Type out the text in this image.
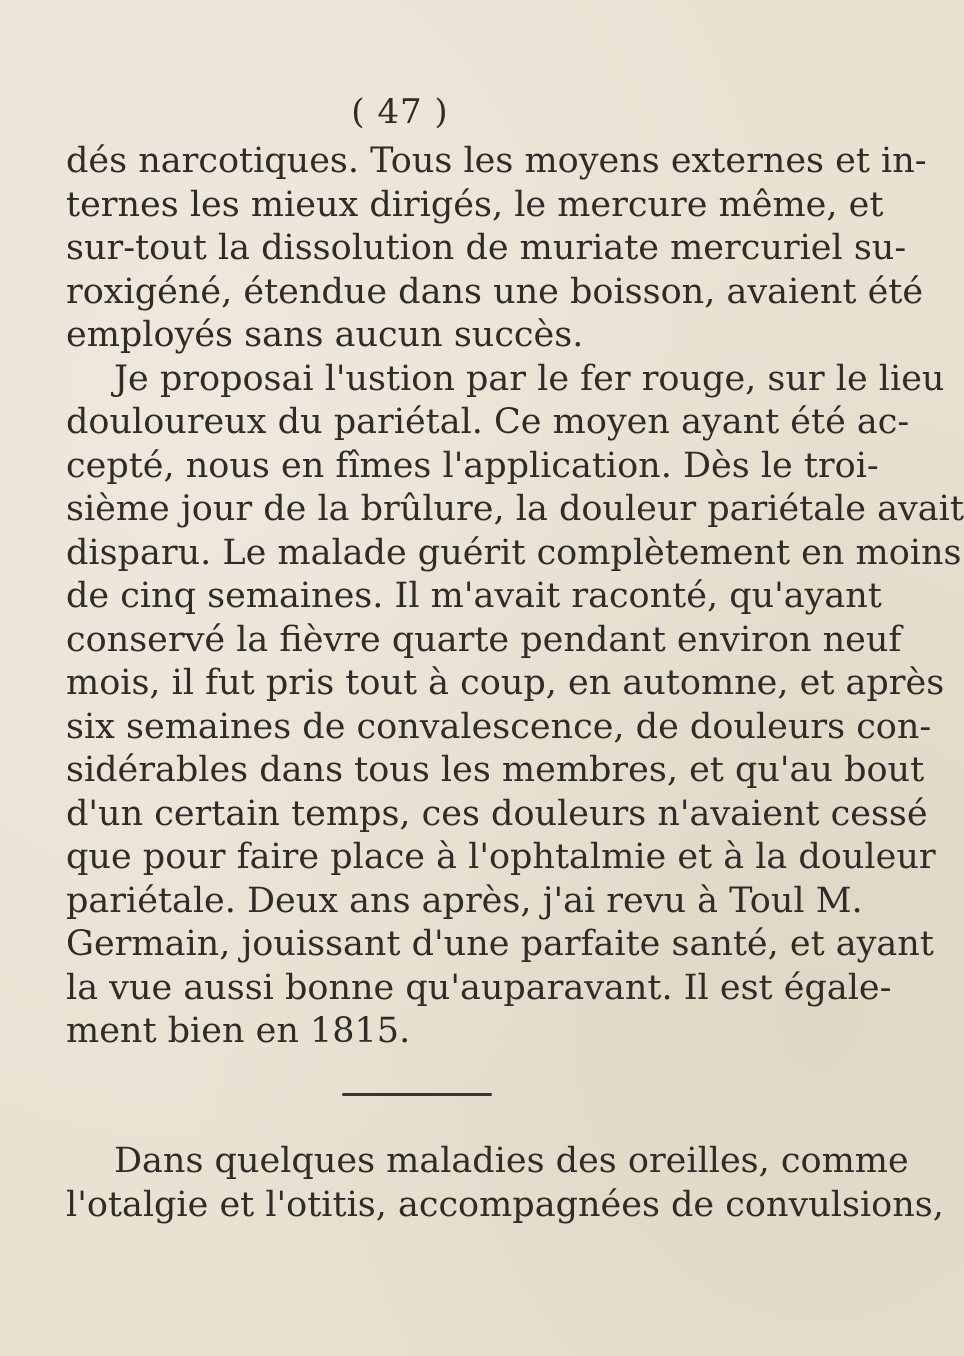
( 47 )
dés narcotiques. Tous les moyens externes et in-
ternes les mieux dirigés, le mercure même, et
sur-tout la dissolution de muriate mercuriel su-
roxigéné, étendue dans une boisson, avaient été
employés sans aucun succès.
Je proposai l'ustion par le fer rouge, sur le lieu
douloureux du pariétal. Ce moyen ayant été ac-
cepté, nous en fîmes l'application. Dès le troi-
sième jour de la brûlure, la douleur pariétale avait
disparu. Le malade guérit complètement en moins
de cinq semaines. Il m'avait raconté, qu'ayant
conservé la fièvre quarte pendant environ neuf
mois, il fut pris tout à coup, en automne, et après
six semaines de convalescence, de douleurs con-
sidérables dans tous les membres, et qu'au bout
d'un certain temps, ces douleurs n'avaient cessé
que pour faire place à l'ophtalmie et à la douleur
pariétale. Deux ans après, j'ai revu à Toul M.
Germain, jouissant d'une parfaite santé, et ayant
la vue aussi bonne qu'auparavant. Il est égale-
ment bien en 1815.
Dans quelques maladies des oreilles, comme
l'otalgie et l'otitis, accompagnées de convulsions,
